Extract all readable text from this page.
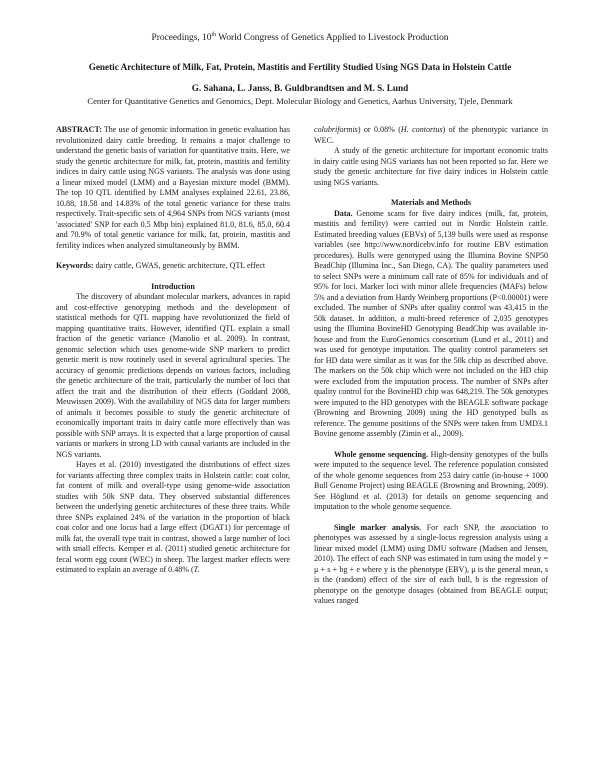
Proceedings, 10th World Congress of Genetics Applied to Livestock Production
Genetic Architecture of Milk, Fat, Protein, Mastitis and Fertility Studied Using NGS Data in Holstein Cattle
G. Sahana, L. Janss, B. Guldbrandtsen and M. S. Lund
Center for Quantitative Genetics and Genomics, Dept. Molecular Biology and Genetics, Aarhus University, Tjele, Denmark

ABSTRACT: The use of genomic information in genetic evaluation has revolutionized dairy cattle breeding. It remains a major challenge to understand the genetic basis of variation for quantitative traits. Here, we study the genetic architecture for milk, fat, protein, mastitis and fertility indices in dairy cattle using NGS variants. The analysis was done using a linear mixed model (LMM) and a Bayesian mixture model (BMM). The top 10 QTL identified by LMM analyses explained 22.61, 23.86, 10.88, 18.58 and 14.83% of the total genetic variance for these traits respectively. Trait-specific sets of 4,964 SNPs from NGS variants (most 'associated' SNP for each 0.5 Mbp bin) explained 81.0, 81.6, 85.0, 60.4 and 70.9% of total genetic variance for milk, fat, protein, mastitis and fertility indices when analyzed simultaneously by BMM.

Keywords: dairy cattle, GWAS, genetic architecture, QTL effect

Introduction

The discovery of abundant molecular markers, advances in rapid and cost-effective genotyping methods and the development of statistical methods for QTL mapping have revolutionized the field of mapping quantitative traits. However, identified QTL explain a small fraction of the genetic variance (Manolio et al. 2009). In contrast, genomic selection which uses genome-wide SNP markers to predict genetic merit is now routinely used in several agricultural species. The accuracy of genomic predictions depends on various factors, including the genetic architecture of the trait, particularly the number of loci that affect the trait and the distribution of their effects (Goddard 2008, Meuwissen 2009). With the availability of NGS data for larger numbers of animals it becomes possible to study the genetic architecture of economically important traits in dairy cattle more effectively than was possible with SNP arrays. It is expected that a large proportion of causal variants or markers in strong LD with causal variants are included in the NGS variants.

Hayes et al. (2010) investigated the distributions of effect sizes for variants affecting three complex traits in Holstein cattle: coat color, fat content of milk and overall-type using genome-wide association studies with 50k SNP data. They observed substantial differences between the underlying genetic architectures of these three traits. While three SNPs explained 24% of the variation in the proportion of black coat color and one locus had a large effect (DGAT1) for percentage of milk fat, the overall type trait in contrast, showed a large number of loci with small effects. Kemper et al. (2011) studied genetic architecture for fecal worm egg count (WEC) in sheep. The largest marker effects were estimated to explain an average of 0.48% (T.

colubriformis) or 0.08% (H. contortus) of the phenotypic variance in WEC.

A study of the genetic architecture for important economic traits in dairy cattle using NGS variants has not been reported so far. Here we study the genetic architecture for five dairy indices in Holstein cattle using NGS variants.

Materials and Methods

Data. Genome scans for five dairy indices (milk, fat, protein, mastitis and fertility) were carried out in Nordic Holstein cattle. Estimated breeding values (EBVs) of 5,139 bulls were used as response variables (see http://www.nordicebv.info for routine EBV estimation procedures). Bulls were genotyped using the Illumina Bovine SNP50 BeadChip (Illumina Inc., San Diego, CA). The quality parameters used to select SNPs were a minimum call rate of 85% for individuals and of 95% for loci. Marker loci with minor allele frequencies (MAFs) below 5% and a deviation from Hardy Weinberg proportions (P<0.00001) were excluded. The number of SNPs after quality control was 43,415 in the 50k dataset. In addition, a multi-breed reference of 2,035 genotypes using the Illumina BovineHD Genotyping BeadChip was available in-house and from the EuroGenomics consortium (Lund et al., 2011) and was used for genotype imputation. The quality control parameters set for HD data were similar as it was for the 50k chip as described above. The markers on the 50k chip which were not included on the HD chip were excluded from the imputation process. The number of SNPs after quality control for the BovineHD chip was 648,219. The 50k genotypes were imputed to the HD genotypes with the BEAGLE software package (Browning and Browning 2009) using the HD genotyped bulls as reference. The genome positions of the SNPs were taken from UMD3.1 Bovine genome assembly (Zimin et al., 2009).

Whole genome sequencing. High-density genotypes of the bulls were imputed to the sequence level. The reference population consisted of the whole genome sequences from 253 dairy cattle (in-house + 1000 Bull Genome Project) using BEAGLE (Browning and Browning, 2009). See Höglund et al. (2013) for details on genome sequencing and imputation to the whole genome sequence.

Single marker analysis. For each SNP, the association to phenotypes was assessed by a single-locus regression analysis using a linear mixed model (LMM) using DMU software (Madsen and Jensen, 2010). The effect of each SNP was estimated in turn using the model y = μ + s + bg + e where y is the phenotype (EBV), μ is the general mean, s is the (random) effect of the sire of each bull, b is the regression of phenotype on the genotype dosages (obtained from BEAGLE output; values ranged
